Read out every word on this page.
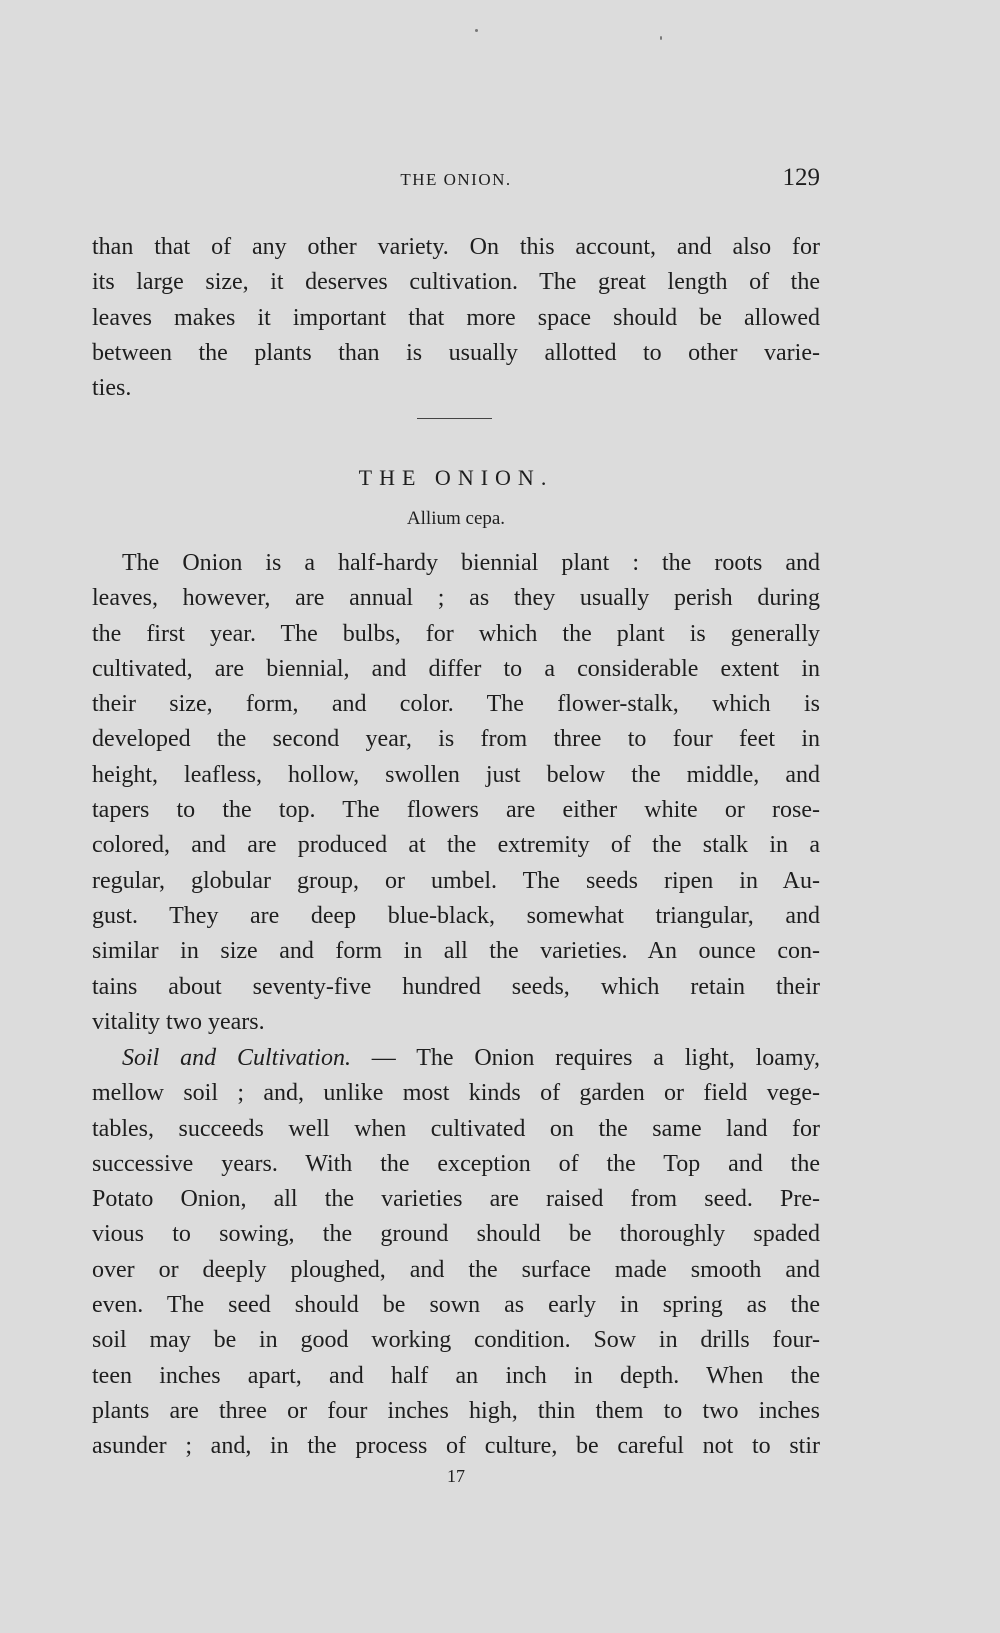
THE ONION.	129

than that of any other variety. On this account, and also for
its large size, it deserves cultivation. The great length of the
leaves makes it important that more space should be allowed
between the plants than is usually allotted to other varie-
ties.

THE ONION.
Allium cepa.

The Onion is a half-hardy biennial plant : the roots and
leaves, however, are annual ; as they usually perish during
the first year. The bulbs, for which the plant is generally
cultivated, are biennial, and differ to a considerable extent in
their size, form, and color. The flower-stalk, which is
developed the second year, is from three to four feet in
height, leafless, hollow, swollen just below the middle, and
tapers to the top. The flowers are either white or rose-
colored, and are produced at the extremity of the stalk in a
regular, globular group, or umbel. The seeds ripen in Au-
gust. They are deep blue-black, somewhat triangular, and
similar in size and form in all the varieties. An ounce con-
tains about seventy-five hundred seeds, which retain their
vitality two years.

Soil and Cultivation. — The Onion requires a light, loamy,
mellow soil ; and, unlike most kinds of garden or field vege-
tables, succeeds well when cultivated on the same land for
successive years. With the exception of the Top and the
Potato Onion, all the varieties are raised from seed. Pre-
vious to sowing, the ground should be thoroughly spaded
over or deeply ploughed, and the surface made smooth and
even. The seed should be sown as early in spring as the
soil may be in good working condition. Sow in drills four-
teen inches apart, and half an inch in depth. When the
plants are three or four inches high, thin them to two inches
asunder ; and, in the process of culture, be careful not to stir

17
